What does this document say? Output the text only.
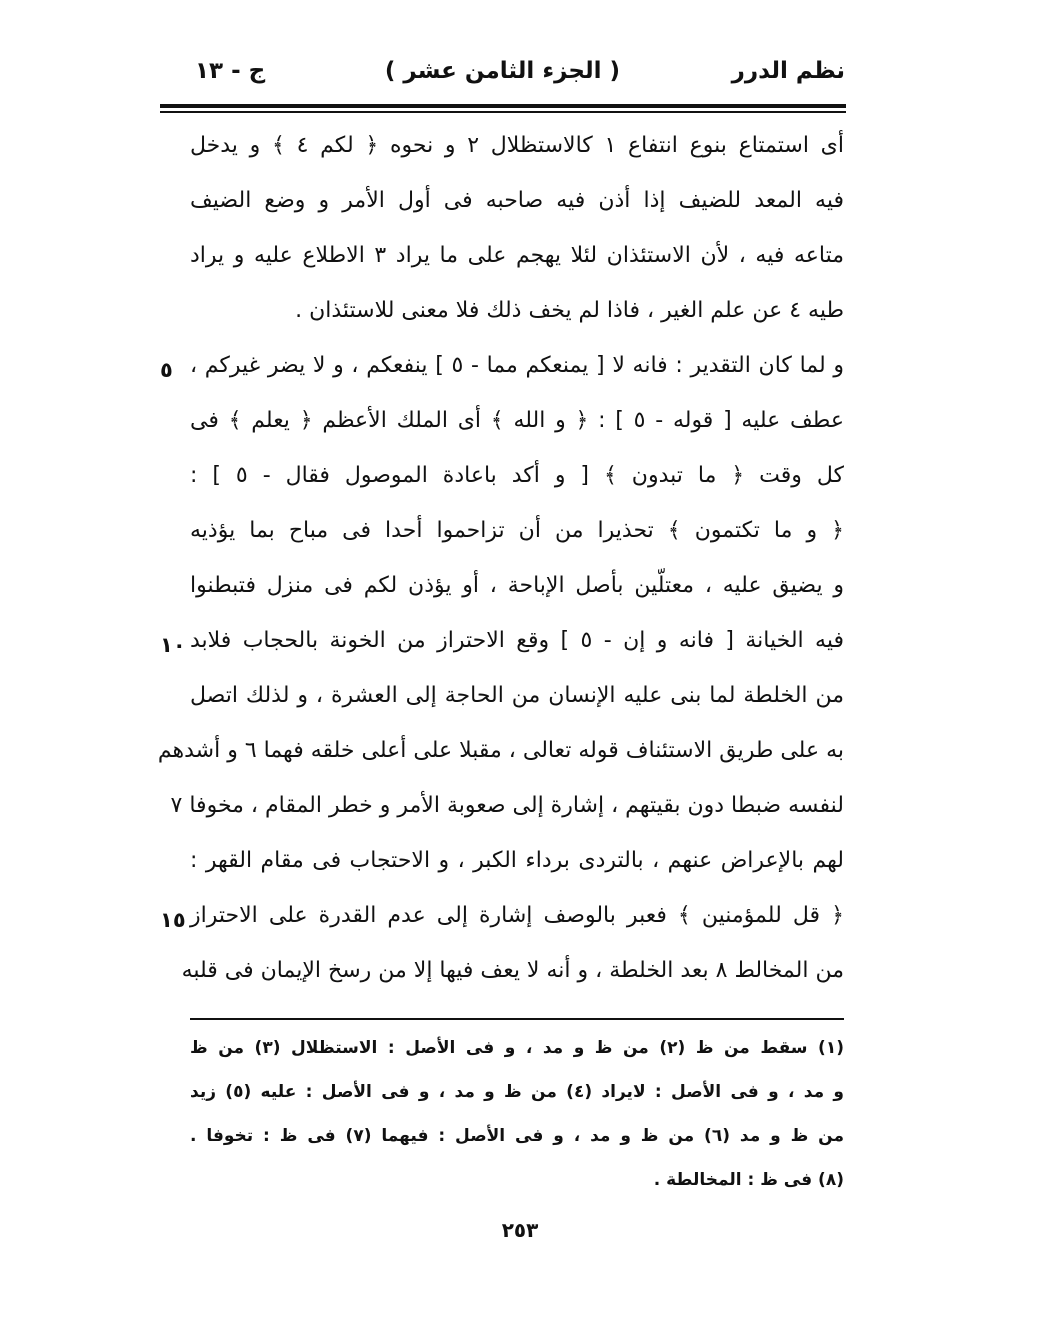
نظم الدرر
( الجزء الثامن عشر )
ج - ١٣
أى استمتاع بنوع انتفاع ١ كالاستظلال ٢ و نحوه ﴿ لكم ٤ ﴾ و يدخل
فيه المعد للضيف إذا أذن فيه صاحبه فى أول الأمر و وضع الضيف
متاعه فيه ، لأن الاستئذان لئلا يهجم على ما يراد ٣ الاطلاع عليه و يراد
طيه ٤ عن علم الغير ، فاذا لم يخف ذلك فلا معنى للاستئذان .
و لما كان التقدير : فانه لا [ يمنعكم مما - ٥ ] ينفعكم ، و لا يضر غيركم ،
عطف عليه [ قوله - ٥ ] : ﴿ و الله ﴾ أى الملك الأعظم ﴿ يعلم ﴾ فى
كل وقت ﴿ ما تبدون ﴾ [ و أكد باعادة الموصول فقال - ٥ ] :
﴿ و ما تكتمون ﴾ تحذيرا من أن تزاحموا أحدا فى مباح بما يؤذيه
و يضيق عليه ، معتلّين بأصل الإباحة ، أو يؤذن لكم فى منزل فتبطنوا
فيه الخيانة [ فانه و إن - ٥ ] وقع الاحتراز من الخونة بالحجاب فلابد
من الخلطة لما بنى عليه الإنسان من الحاجة إلى العشرة ، و لذلك اتصل
به على طريق الاستئناف قوله تعالى ، مقبلا على أعلى خلقه فهما ٦ و أشدهم
لنفسه ضبطا دون بقيتهم ، إشارة إلى صعوبة الأمر و خطر المقام ، مخوفا ٧
لهم بالإعراض عنهم ، بالتردى برداء الكبر ، و الاحتجاب فى مقام القهر :
﴿ قل للمؤمنين ﴾ فعبر بالوصف إشارة إلى عدم القدرة على الاحتراز
من المخالط ٨ بعد الخلطة ، و أنه لا يعف فيها إلا من رسخ الإيمان فى قلبه
٥
١٠
١٥
(١) سقط من ظ (٢) من ظ و مد ، و فى الأصل : الاستظلال (٣) من ظ
و مد ، و فى الأصل : لايراد (٤) من ظ و مد ، و فى الأصل : عليه (٥) زيد
من ظ و مد (٦) من ظ و مد ، و فى الأصل : فيهما (٧) فى ظ : تخوفا .
(٨) فى ظ : المخالطة .
٢٥٣
